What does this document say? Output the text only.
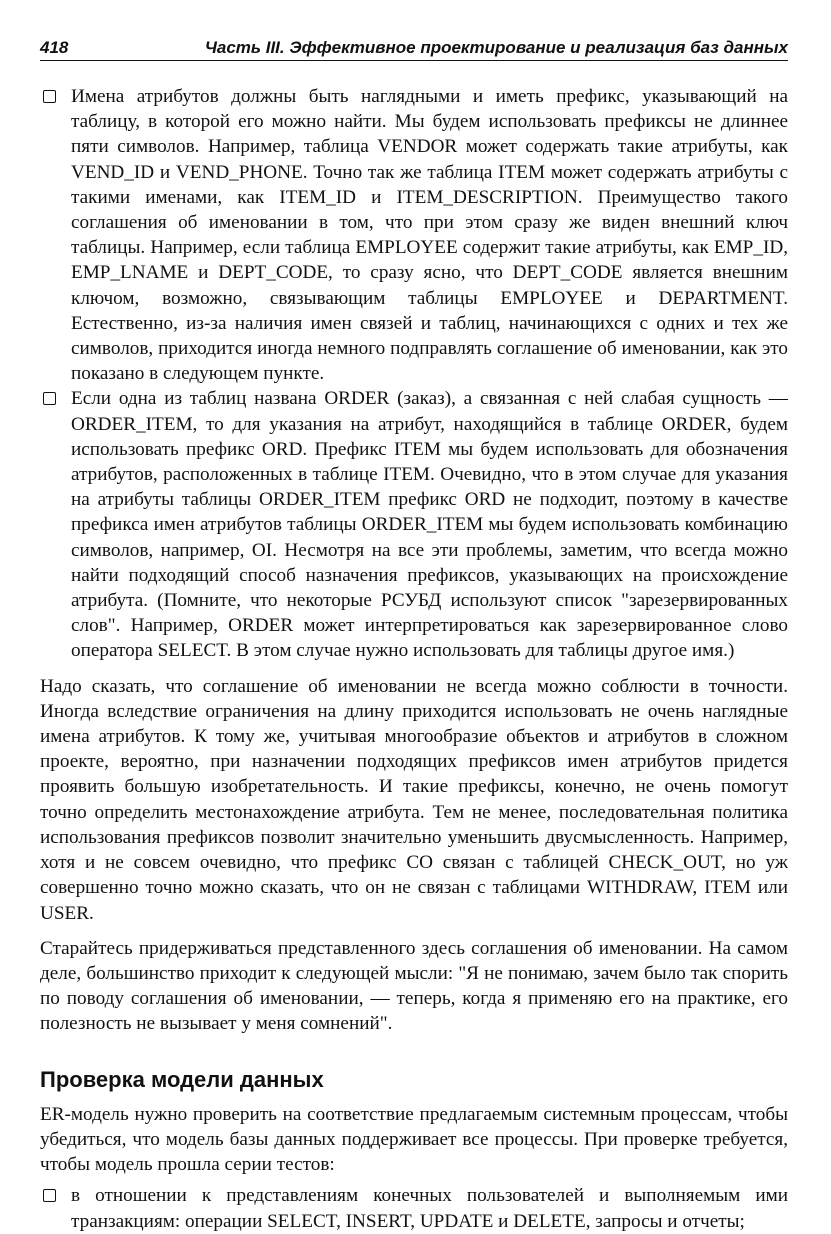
418	Часть III. Эффективное проектирование и реализация баз данных

Имена атрибутов должны быть наглядными и иметь префикс, указывающий на таблицу, в которой его можно найти. Мы будем использовать префиксы не длиннее пяти символов. Например, таблица VENDOR может содержать такие атрибуты, как VEND_ID и VEND_PHONE. Точно так же таблица ITEM может содержать атрибуты с такими именами, как ITEM_ID и ITEM_DESCRIPTION. Преимущество такого соглашения об именовании в том, что при этом сразу же виден внешний ключ таблицы. Например, если таблица EMPLOYEE содержит такие атрибуты, как EMP_ID, EMP_LNAME и DEPT_CODE, то сразу ясно, что DEPT_CODE является внешним ключом, возможно, связывающим таблицы EMPLOYEE и DEPARTMENT. Естественно, из-за наличия имен связей и таблиц, начинающихся с одних и тех же символов, приходится иногда немного подправлять соглашение об именовании, как это показано в следующем пункте.

Если одна из таблиц названа ORDER (заказ), а связанная с ней слабая сущность — ORDER_ITEM, то для указания на атрибут, находящийся в таблице ORDER, будем использовать префикс ORD. Префикс ITEM мы будем использовать для обозначения атрибутов, расположенных в таблице ITEM. Очевидно, что в этом случае для указания на атрибуты таблицы ORDER_ITEM префикс ORD не подходит, поэтому в качестве префикса имен атрибутов таблицы ORDER_ITEM мы будем использовать комбинацию символов, например, OI. Несмотря на все эти проблемы, заметим, что всегда можно найти подходящий способ назначения префиксов, указывающих на происхождение атрибута. (Помните, что некоторые РСУБД используют список "зарезервированных слов". Например, ORDER может интерпретироваться как зарезервированное слово оператора SELECT. В этом случае нужно использовать для таблицы другое имя.)

Надо сказать, что соглашение об именовании не всегда можно соблюсти в точности. Иногда вследствие ограничения на длину приходится использовать не очень наглядные имена атрибутов. К тому же, учитывая многообразие объектов и атрибутов в сложном проекте, вероятно, при назначении подходящих префиксов имен атрибутов придется проявить большую изобретательность. И такие префиксы, конечно, не очень помогут точно определить местонахождение атрибута. Тем не менее, последовательная политика использования префиксов позволит значительно уменьшить двусмысленность. Например, хотя и не совсем очевидно, что префикс CO связан с таблицей CHECK_OUT, но уж совершенно точно можно сказать, что он не связан с таблицами WITHDRAW, ITEM или USER.

Старайтесь придерживаться представленного здесь соглашения об именовании. На самом деле, большинство приходит к следующей мысли: "Я не понимаю, зачем было так спорить по поводу соглашения об именовании, — теперь, когда я применяю его на практике, его полезность не вызывает у меня сомнений".

Проверка модели данных

ER-модель нужно проверить на соответствие предлагаемым системным процессам, чтобы убедиться, что модель базы данных поддерживает все процессы. При проверке требуется, чтобы модель прошла серии тестов:

в отношении к представлениям конечных пользователей и выполняемым ими транзакциям: операции SELECT, INSERT, UPDATE и DELETE, запросы и отчеты;
